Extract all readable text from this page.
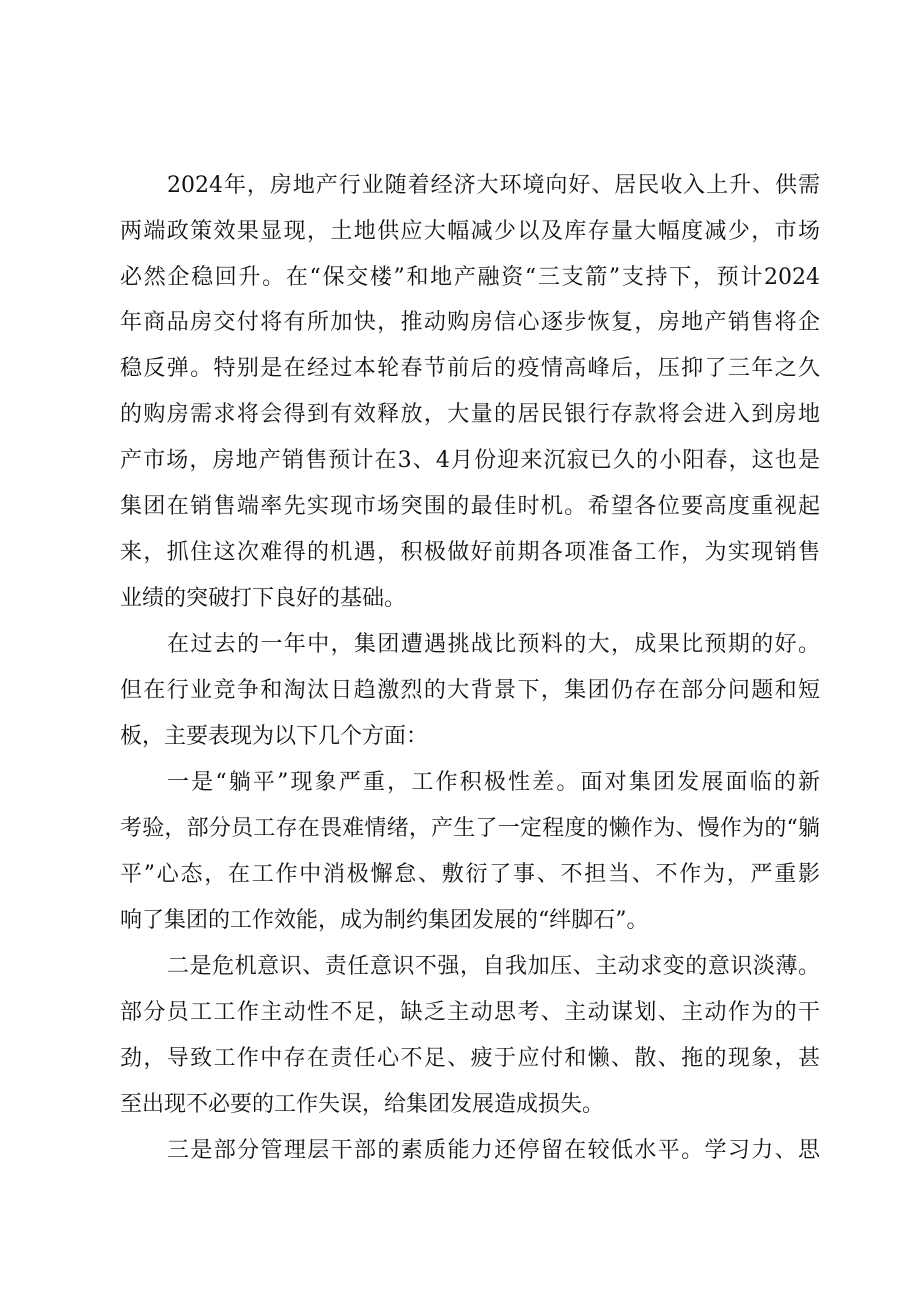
2024年，房地产行业随着经济大环境向好、居民收入上升、供需
两端政策效果显现，土地供应大幅减少以及库存量大幅度减少，市场
必然企稳回升。在“保交楼”和地产融资“三支箭”支持下，预计2024
年商品房交付将有所加快，推动购房信心逐步恢复，房地产销售将企
稳反弹。特别是在经过本轮春节前后的疫情高峰后，压抑了三年之久
的购房需求将会得到有效释放，大量的居民银行存款将会进入到房地
产市场，房地产销售预计在3、4月份迎来沉寂已久的小阳春，这也是
集团在销售端率先实现市场突围的最佳时机。希望各位要高度重视起
来，抓住这次难得的机遇，积极做好前期各项准备工作，为实现销售
业绩的突破打下良好的基础。
在过去的一年中，集团遭遇挑战比预料的大，成果比预期的好。
但在行业竞争和淘汰日趋激烈的大背景下，集团仍存在部分问题和短
板，主要表现为以下几个方面：
一是“躺平”现象严重，工作积极性差。面对集团发展面临的新
考验，部分员工存在畏难情绪，产生了一定程度的懒作为、慢作为的“躺
平”心态，在工作中消极懈怠、敷衍了事、不担当、不作为，严重影
响了集团的工作效能，成为制约集团发展的“绊脚石”。
二是危机意识、责任意识不强，自我加压、主动求变的意识淡薄。
部分员工工作主动性不足，缺乏主动思考、主动谋划、主动作为的干
劲，导致工作中存在责任心不足、疲于应付和懒、散、拖的现象，甚
至出现不必要的工作失误，给集团发展造成损失。
三是部分管理层干部的素质能力还停留在较低水平。学习力、思
